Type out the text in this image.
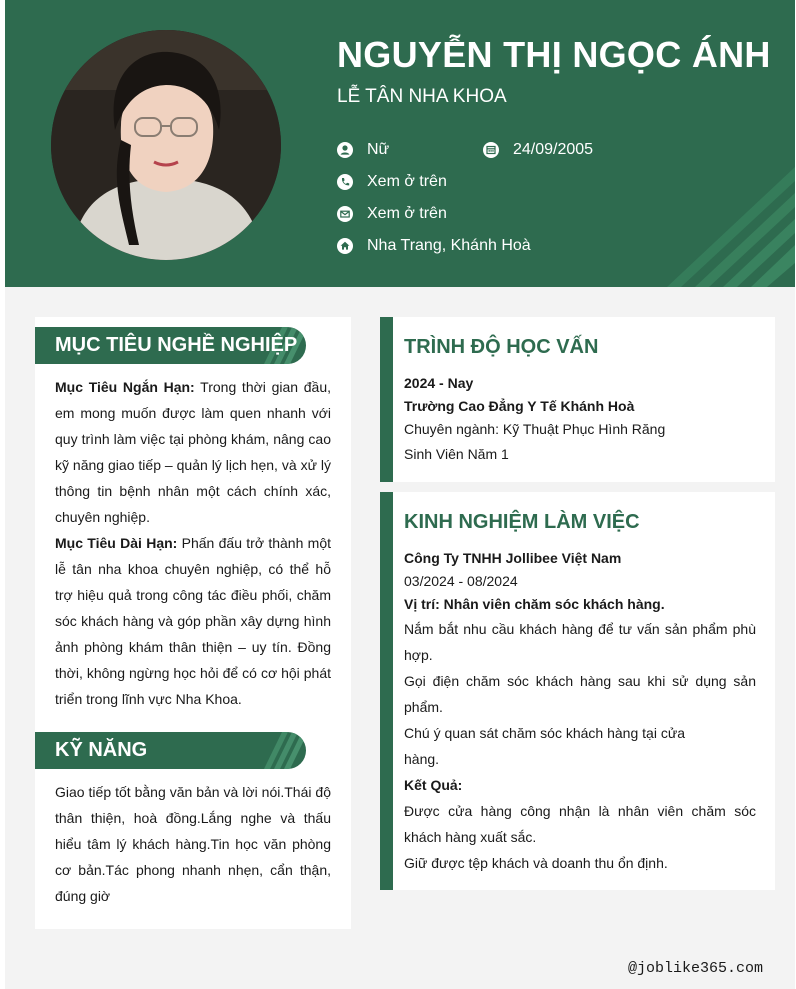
NGUYỄN THỊ NGỌC ÁNH
LỄ TÂN NHA KHOA
Nữ	24/09/2005
Xem ở trên
Xem ở trên
Nha Trang, Khánh Hoà
MỤC TIÊU NGHỀ NGHIỆP
Mục Tiêu Ngắn Hạn: Trong thời gian đầu, em mong muốn được làm quen nhanh với quy trình làm việc tại phòng khám, nâng cao kỹ năng giao tiếp – quản lý lịch hẹn, và xử lý thông tin bệnh nhân một cách chính xác, chuyên nghiệp.
Mục Tiêu Dài Hạn: Phấn đấu trở thành một lễ tân nha khoa chuyên nghiệp, có thể hỗ trợ hiệu quả trong công tác điều phối, chăm sóc khách hàng và góp phần xây dựng hình ảnh phòng khám thân thiện – uy tín. Đồng thời, không ngừng học hỏi để có cơ hội phát triển trong lĩnh vực Nha Khoa.
KỸ NĂNG
Giao tiếp tốt bằng văn bản và lời nói.Thái độ thân thiện, hoà đồng.Lắng nghe và thấu hiểu tâm lý khách hàng.Tin học văn phòng cơ bản.Tác phong nhanh nhẹn, cẩn thận, đúng giờ
TRÌNH ĐỘ HỌC VẤN
2024 - Nay
Trường Cao Đẳng Y Tế Khánh Hoà
Chuyên ngành: Kỹ Thuật Phục Hình Răng
Sinh Viên Năm 1
KINH NGHIỆM LÀM VIỆC
Công Ty TNHH Jollibee Việt Nam
03/2024 - 08/2024
Vị trí: Nhân viên chăm sóc khách hàng.
Nắm bắt nhu cầu khách hàng để tư vấn sản phẩm phù hợp.
Gọi điện chăm sóc khách hàng sau khi sử dụng sản phẩm.
Chú ý quan sát chăm sóc khách hàng tại cửa hàng.
Kết Quả:
Được cửa hàng công nhận là nhân viên chăm sóc khách hàng xuất sắc.
Giữ được tệp khách và doanh thu ổn định.
@joblike365.com
